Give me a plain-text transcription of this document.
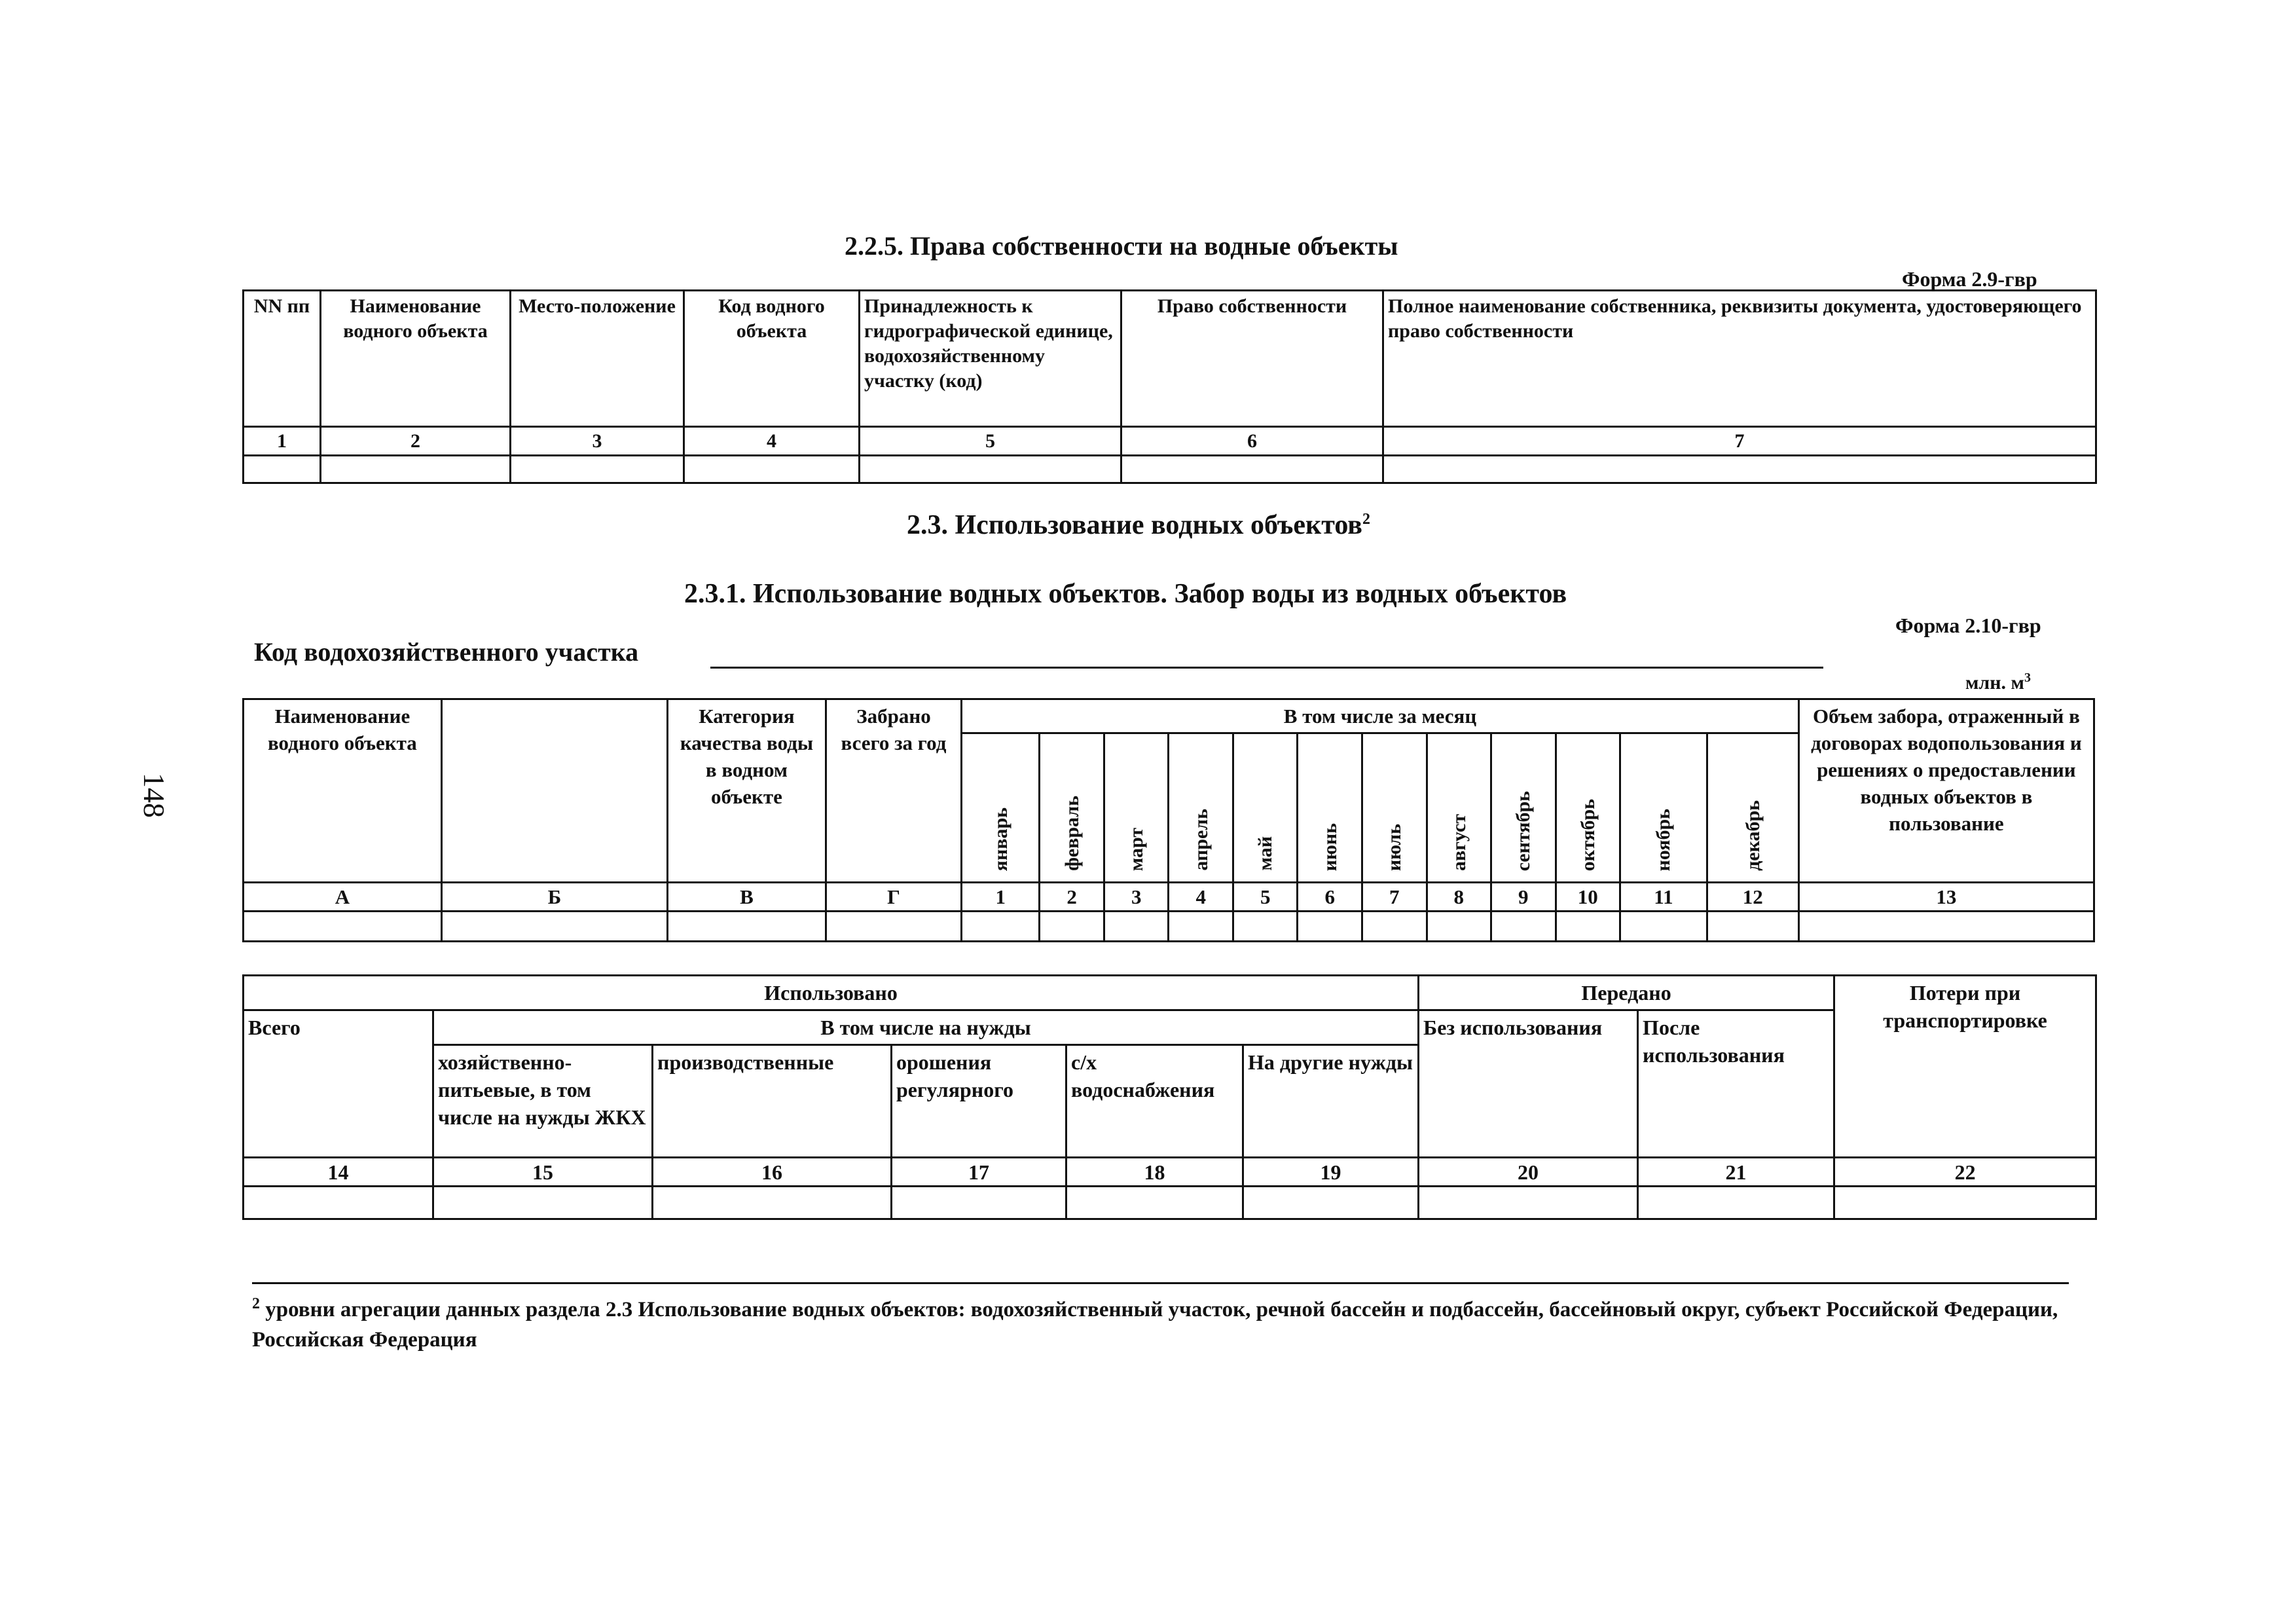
148
2.2.5. Права собственности на водные объекты
Форма 2.9-гвр
NN пп	Наименование водного объекта	Место-положение	Код водного объекта	Принадлежность к гидрографической единице, водохозяйственному участку (код)	Право собственности	Полное наименование собственника, реквизиты документа, удостоверяющего право собственности
1	2	3	4	5	6	7

2.3. Использование водных объектов$^2$
2.3.1. Использование водных объектов. Забор воды из водных объектов
Форма 2.10-гвр
Код водохозяйственного участка
млн. $м^3$
Наименование водного объекта		Категория качества воды в водном объекте	Забрано всего за год	В том числе за месяц												Объем забора, отраженный в договорах водопользования и решениях о предоставлении водных объектов в пользование
				январь	февраль	март	апрель	май	июнь	июль	август	сентябрь	октябрь	ноябрь	декабрь	
А	Б	В	Г	1	2	3	4	5	6	7	8	9	10	11	12	13

Использовано						Передано		Потери при транспортировке
Всего	В том числе на нужды					Без использования	После использования	
	хозяйственно-питьевые, в том числе на нужды ЖКХ	производственные	орошения регулярного	с/х водоснабжения	На другие нужды			
14	15	16	17	18	19	20	21	22

$^2$ уровни агрегации данных раздела 2.3 Использование водных объектов: водохозяйственный участок, речной бассейн и подбассейн, бассейновый округ, субъект Российской Федерации, Российская Федерация
